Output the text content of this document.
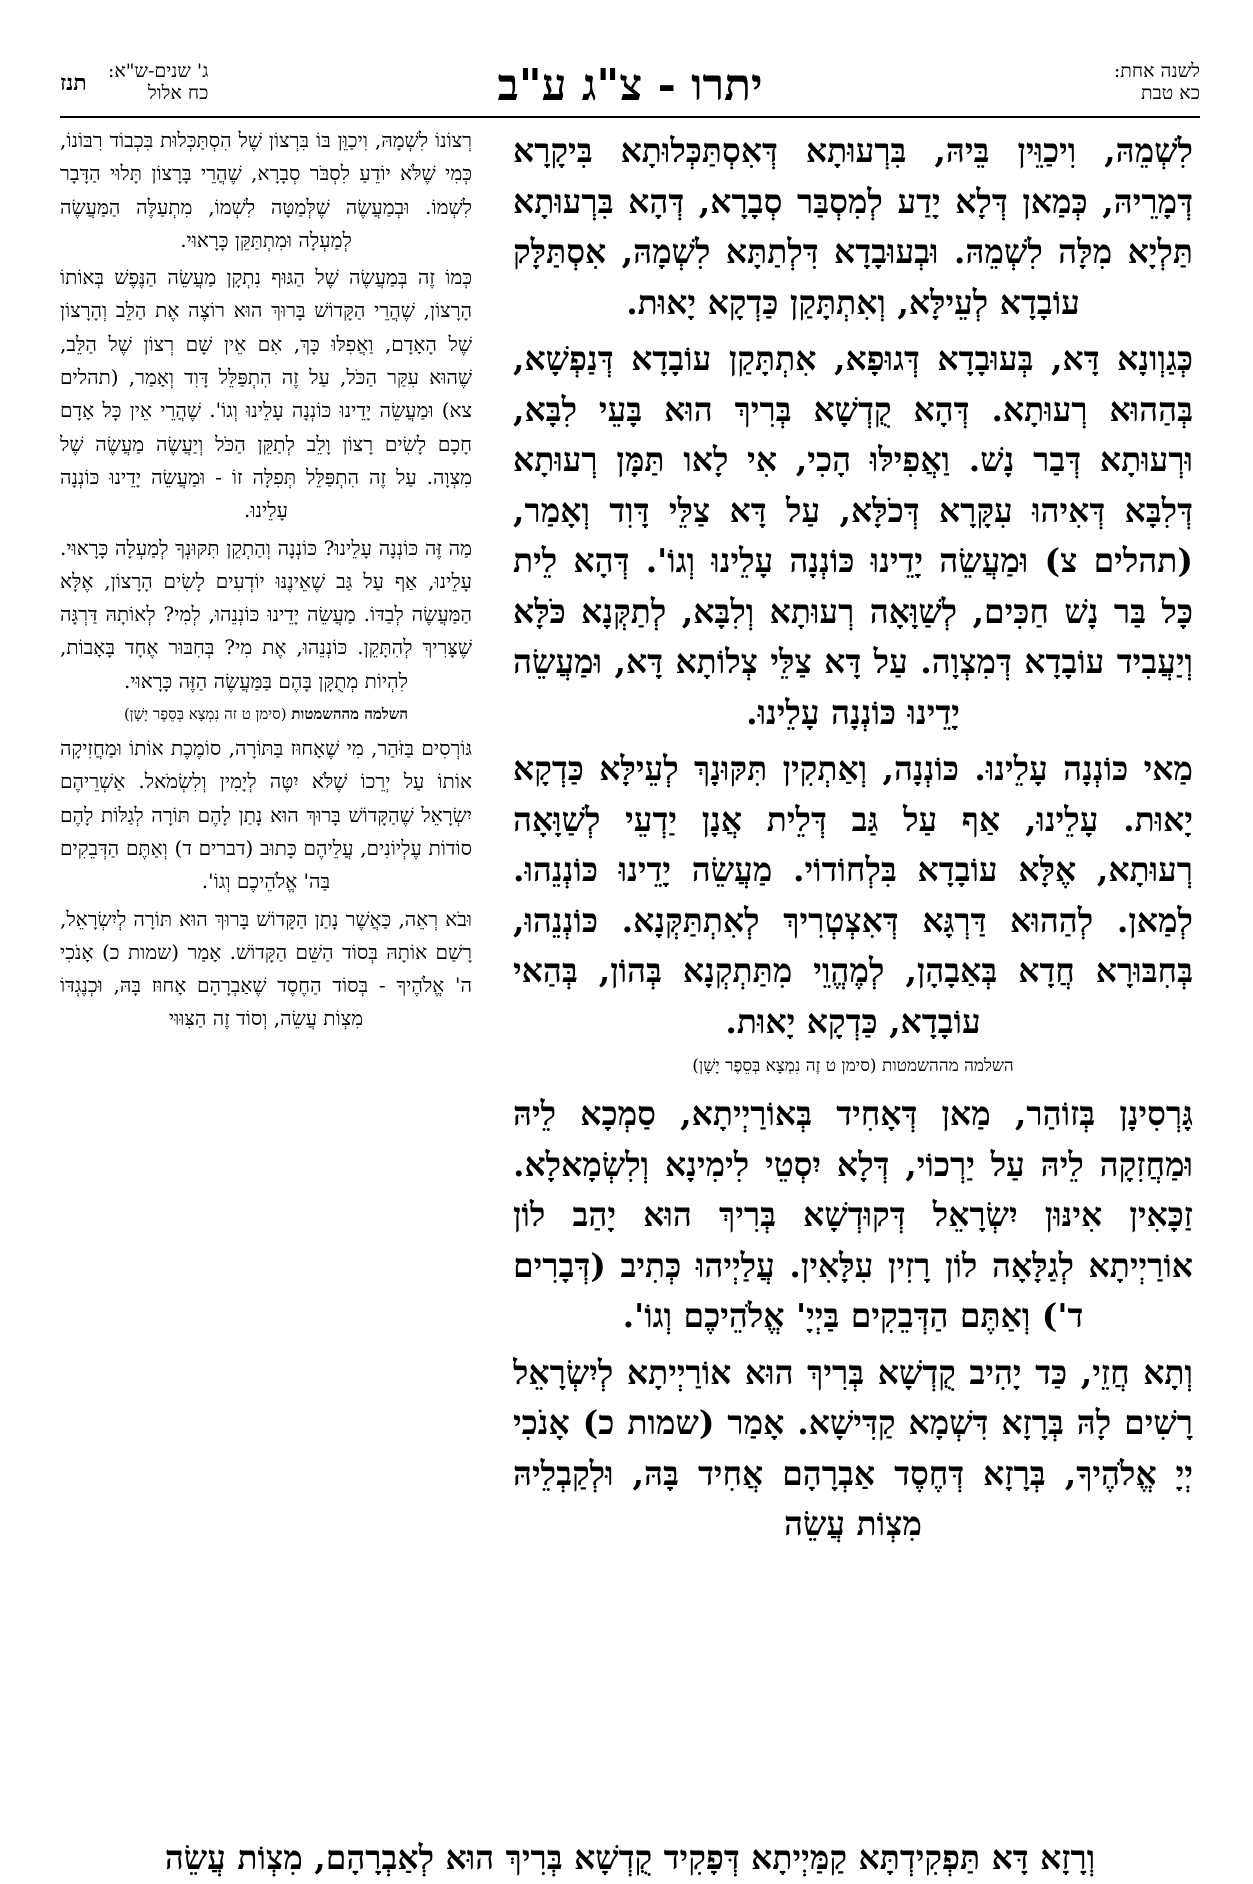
לשנה אחת:
כא טבת
יתרו - צ"ג ע"ב
ג' שנים-ש"א:
כח אלול
תנז

לִשְׁמֵהּ, וִיכַוֵּין בֵּיהּ, בִּרְעוּתָא דְּאִסְתַּכְּלוּתָא בִּיקָרָא דְּמָרֵיהּ, כְּמַאן דְּלָא יָדַע לְמִסְבַּר סְבָרָא, דְּהָא בִּרְעוּתָא תַּלְיָא מִלָּה לִשְׁמֵהּ. וּבְעוּבָדָא דִּלְתַתָּא לִשְׁמָהּ, אִסְתַּלָּק עוֹבָדָא לְעֵילָּא, וְאִתְתָּקַן כַּדְקָא יָאוּת.

כְּגַוְונָא דָּא, בְּעוּבָדָא דְּגוּפָא, אִתְתָּקַן עוֹבָדָא דְּנַפְשָׁא, בְּהַהוּא רְעוּתָא. דְּהָא קֻדְשָׁא בְּרִיךְ הוּא בָּעֵי לִבָּא, וּרְעוּתָא דְּבַר נָשׁ. וַאֲפִילּוּ הָכִי, אִי לָאו תַּמָּן רְעוּתָא דְּלִבָּא דְּאִיהוּ עִקָּרָא דְּכֹלָּא, עַל דָּא צַלֵּי דָּוִד וְאָמַר, (תהלים צ) וּמַעֲשֵׂה יָדֵינוּ כּוֹנְנָה עָלֵינוּ וְגוֹ'. דְּהָא לֵית כָּל בַּר נָשׁ חַכִּים, לְשַׁוָּאָה רְעוּתָא וְלִבָּא, לְתַקְּנָא כֹּלָּא וְיַעֲבִיד עוֹבָדָא דְּמִצְוָה. עַל דָּא צַלֵּי צְלוֹתָא דָּא, וּמַעֲשֵׂה יָדֵינוּ כּוֹנְנָה עָלֵינוּ.

מַאי כּוֹנְנָה עָלֵינוּ. כּוֹנְנָה, וְאַתְקִין תִּקּוּנָךְ לְעֵילָּא כַּדְקָא יָאוּת. עָלֵינוּ, אַף עַל גַּב דְּלֵית אֲנָן יַדְעֵי לְשַׁוָּאָה רְעוּתָא, אֶלָּא עוֹבָדָא בִּלְחוֹדוֹי. מַעֲשֵׂה יָדֵינוּ כּוֹנְנֵהוּ. לְמַאן. לְהַהוּא דַּרְגָּא דְּאִצְטְרִיךְ לְאִתְתַּקְּנָא. כּוֹנְנֵהוּ, בְּחִבּוּרָא חֲדָא בְּאַבָהָן, לְמֶהֱוֵי מִתַּתְקְנָא בְּהוֹן, בְּהַאי עוֹבָדָא, כַּדְקָא יָאוּת.

השלמה מההשמטות (סימן ט זֶה נִמְצָא בְּסֵפֶר יָשָׁן)

גָּרְסִינָן בְּזוֹהַר, מַאן דְּאָחִיד בְּאוֹרַיְיתָא, סַמְכָא לֵיהּ וּמַחֲזִקָה לֵיהּ עַל יַרְכוֹי, דְּלָא יִסְטֵי לִימִינָא וְלִשְׂמָאלָא. זַכָּאִין אִינּוּן יִשְׂרָאֵל דְּקוּדְשָׁא בְּרִיךְ הוּא יָהַב לוֹן אוֹרַיְיתָא לְגַלָּאָה לוֹן רָזִין עִלָּאִין. עֲלַיְיהוּ כְּתִיב (דְּבָרִים ד') וְאַתֶּם הַדְּבֵקִים בַּיְיָ' אֱלֹהֵיכֶם וְגוֹ'.

וְתָא חֲזֵי, כַּד יָהִיב קֻדְשָׁא בְּרִיךְ הוּא אוֹרַיְיתָא לְיִשְׂרָאֵל רָשִׁים לָהּ בְּרָזָא דִּשְׁמָא קַדִּישָׁא. אָמַר (שמות כ) אָנֹכִי יְיָ אֱלֹהֶיךָ, בְּרָזָא דְּחֶסֶד אַבְרָהָם אֲחִיד בָּהּ, וּלְקַבְלֵיהּ מִצְוֹת עֲשֵׂה

רְצוֹנוֹ לִשְׁמָהּ, וִיכַוֵּן בּוֹ בִּרְצוֹן שֶׁל הִסְתַּכְּלוּת בִּכְבוֹד רִבּוֹנוֹ, כְּמִי שֶׁלֹּא יוֹדֵעַ לִסְבֹּר סְבָרָא, שֶׁהֲרֵי בָּרָצוֹן תָּלוּי הַדָּבָר לִשְׁמוֹ. וּבְמַעֲשֶׂה שֶׁלְּמַטָּה לִשְׁמוֹ, מִתְעַלֶּה הַמַּעֲשֶׂה לְמַעְלָה וּמִתְתַּקֵּן כָּרָאוּי.

כְּמוֹ זֶה בְּמַעֲשֶׂה שֶׁל הַגּוּף נִתְקָן מַעֲשֵׂה הַנֶּפֶשׁ בְּאוֹתוֹ הָרָצוֹן, שֶׁהֲרֵי הַקָּדוֹשׁ בָּרוּךְ הוּא רוֹצֶה אֶת הַלֵּב וְהָרָצוֹן שֶׁל הָאָדָם, וַאֲפִלּוּ כָּךְ, אִם אֵין שָׁם רְצוֹן שֶׁל הַלֵּב, שֶׁהוּא עִקַּר הַכֹּל, עַל זֶה הִתְפַּלֵּל דָּוִד וְאָמַר, (תהלים צא) וּמַעֲשֵׂה יָדֵינוּ כּוֹנְנָה עָלֵינוּ וְגוֹ'. שֶׁהֲרֵי אֵין כָּל אָדָם חָכָם לָשִׂים רָצוֹן וָלֵב לְתַקֵּן הַכֹּל וְיַעֲשֶׂה מַעֲשֶׂה שֶׁל מִצְוָה. עַל זֶה הִתְפַּלֵּל תְּפִלָּה זוֹ - וּמַעֲשֵׂה יָדֵינוּ כּוֹנְנָה עָלֵינוּ.

מַה זֶּה כּוֹנְנָה עָלֵינוּ? כּוֹנְנָה וְהַתְקֵן תִּקּוּנְךָ לְמַעְלָה כָּרָאוּי. עָלֵינוּ, אַף עַל גַּב שֶׁאֵינֶנּוּ יוֹדְעִים לָשִׂים הָרָצוֹן, אֶלָּא הַמַּעֲשֶׂה לְבַדּוֹ. מַעֲשֵׂה יָדֵינוּ כּוֹנְנֵהוּ, לְמִי? לְאוֹתָהּ דַּרְגָּה שֶׁצָּרִיךְ לְהִתָּקֵן. כּוֹנְנֵהוּ, אֶת מִי? בְּחִבּוּר אֶחָד בָּאָבוֹת, לִהְיוֹת מְתֻקָּן בָּהֶם בַּמַּעֲשֶׂה הַזֶּה כָּרָאוּי.

השלמה מההשמטות (סימן ט זה נִמְצָא בְּסֵפֶר יָשָׁן)

גּוֹרְסִים בַּזֹּהַר, מִי שֶׁאָחוּז בַּתּוֹרָה, סוֹמֶכֶת אוֹתוֹ וּמַחֲזִיקָה אוֹתוֹ עַל יְרֵכוֹ שֶׁלֹּא יִטֶּה לְיָמִין וְלִשְׂמֹאל. אַשְׁרֵיהֶם יִשְׂרָאֵל שֶׁהַקָּדוֹשׁ בָּרוּךְ הוּא נָתַן לָהֶם תּוֹרָה לְגַלּוֹת לָהֶם סוֹדוֹת עֶלְיוֹנִים, עֲלֵיהֶם כָּתוּב (דברים ד) וְאַתֶּם הַדְּבֵקִים בַּה' אֱלֹהֵיכֶם וְגוֹ'.

וּבֹא רְאֵה, כַּאֲשֶׁר נָתַן הַקָּדוֹשׁ בָּרוּךְ הוּא תּוֹרָה לְיִשְׂרָאֵל, רָשַׁם אוֹתָהּ בְּסוֹד הַשֵּׁם הַקָּדוֹשׁ. אָמַר (שמות כ) אָנֹכִי ה' אֱלֹהֶיךָ - בְּסוֹד הַחֶסֶד שֶׁאַבְרָהָם אָחוּז בָּהּ, וּכְנֶגְדּוֹ מִצְוֹת עֲשֵׂה, וְסוֹד זֶה הַצִּוּוּי

וְרָזָא דָּא תַּפְקִידְתָּא קַמַּיְיתָא דְּפָקִיד קֻדְשָׁא בְּרִיךְ הוּא לְאַבְרָהָם, מִצְוֹת עֲשֵׂה
